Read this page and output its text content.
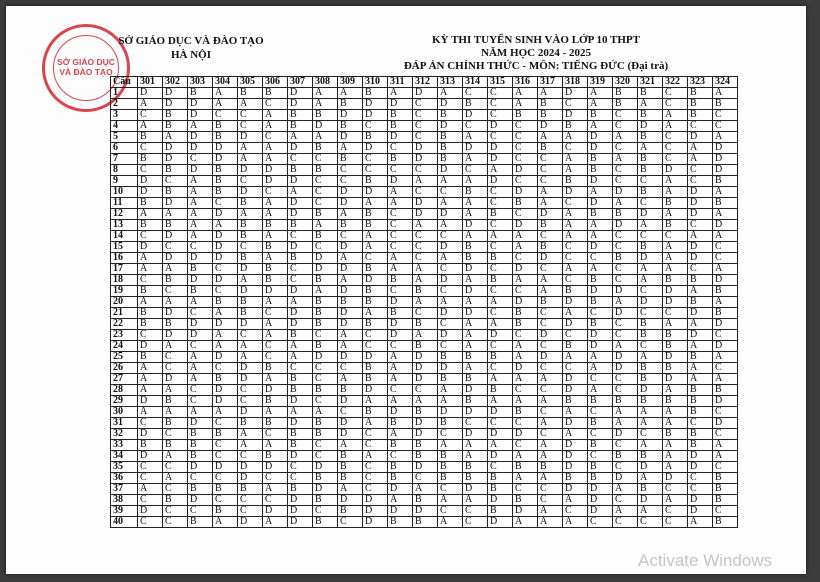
SỞ GIÁO DỤC
VÀ ĐÀO TẠO
SỞ GIÁO DỤC VÀ ĐÀO TẠO
HÀ NỘI
KỲ THI TUYỂN SINH VÀO LỚP 10 THPT
NĂM HỌC 2024 - 2025
ĐÁP ÁN CHÍNH THỨC - MÔN: TIẾNG ĐỨC (Đại trà)
Câu	301	302	303	304	305	306	307	308	309	310	311	312	313	314	315	316	317	318	319	320	321	322	323	324
1	D	D	B	A	B	B	D	A	A	B	A	D	A	C	C	A	A	D	A	B	B	C	B	A
2	A	D	D	A	A	C	D	A	B	D	D	C	D	B	C	A	B	C	A	B	A	C	B	B
3	C	B	D	C	C	A	B	B	D	D	B	C	B	D	C	B	B	D	B	C	B	A	B	C
4	A	B	A	B	C	A	B	D	B	C	B	C	D	C	D	C	D	B	A	C	D	A	C	C
5	B	A	D	B	D	C	A	A	D	B	D	C	B	A	C	C	A	A	D	A	B	C	D	A
6	C	D	D	D	A	A	D	B	A	D	C	D	B	D	D	C	B	C	D	C	A	C	A	D
7	B	D	C	D	A	A	C	C	B	C	B	D	B	A	D	C	C	A	B	A	B	C	A	D
8	C	B	D	B	D	D	B	B	C	C	C	C	D	C	A	D	C	A	B	C	B	D	C	D
9	D	C	A	B	C	D	D	C	C	B	D	A	A	A	D	C	C	B	D	C	C	A	C	B
10	D	B	A	B	D	C	A	C	D	D	A	C	C	B	C	D	A	D	A	D	B	A	D	A
11	B	D	A	C	B	A	D	C	D	A	A	D	A	A	C	B	A	C	D	A	C	B	D	B
12	A	A	A	D	A	A	D	B	A	B	C	D	D	A	B	C	D	A	B	B	D	A	D	A
13	B	B	A	A	B	B	B	A	B	B	C	A	A	D	C	D	B	A	A	D	A	B	C	D
14	C	D	A	D	B	A	C	B	C	A	C	C	C	A	A	A	C	A	A	C	C	C	A	A
15	D	C	C	D	C	B	D	C	D	A	C	C	D	B	C	A	B	C	D	C	B	A	D	C
16	A	D	D	D	B	A	B	D	A	C	A	C	A	B	B	C	D	C	C	B	D	A	D	C
17	A	A	B	C	D	B	C	D	D	B	A	A	C	D	C	D	C	A	A	C	A	A	C	A
18	C	B	D	D	A	B	C	B	A	D	B	A	D	A	B	A	A	C	B	C	A	B	B	D
19	B	C	B	C	D	D	D	A	D	B	C	B	C	D	C	C	A	B	D	D	C	D	A	B
20	A	A	A	B	B	A	A	B	B	B	D	A	A	A	A	D	B	D	B	A	D	D	B	A
21	B	D	C	A	B	C	D	B	D	A	B	C	D	D	C	B	C	A	C	D	C	C	D	B
22	B	B	D	D	D	A	D	B	D	B	D	B	C	A	A	B	C	D	B	C	B	A	A	D
23	C	D	D	A	C	A	B	C	A	C	D	A	D	A	D	C	D	C	D	C	B	B	D	C
24	D	A	C	A	A	C	A	B	A	C	C	B	C	A	C	A	C	B	D	A	C	B	A	D
25	B	C	A	D	A	C	A	D	D	D	A	D	B	B	B	A	D	A	A	D	A	D	B	A
26	A	C	A	C	D	B	C	C	C	B	A	D	D	A	C	D	C	C	A	D	B	B	A	C
27	A	D	A	B	D	A	B	C	A	B	A	D	B	B	A	A	A	D	C	C	B	D	A	A
28	A	A	C	D	C	D	B	B	B	D	C	C	A	D	B	C	C	D	A	C	D	A	B	B
29	D	B	C	D	C	B	D	C	D	A	A	A	A	B	A	A	A	B	B	B	B	B	B	D
30	A	A	A	A	D	A	A	A	C	B	D	B	D	D	D	B	C	A	C	A	A	A	B	C
31	C	B	D	C	B	B	D	B	D	A	B	D	B	C	C	C	A	D	B	A	A	A	C	D
32	D	C	B	B	A	C	B	B	D	C	A	D	C	D	D	D	C	A	C	D	C	B	B	C
33	B	B	B	C	A	A	B	C	A	C	B	B	A	A	A	C	A	D	B	C	A	A	B	A
34	D	A	B	C	C	B	D	C	B	A	C	B	B	A	D	A	A	D	C	B	B	A	D	A
35	C	C	D	D	D	D	C	D	B	C	B	D	B	B	C	B	B	D	B	C	D	A	D	C
36	C	A	C	C	D	C	C	B	B	C	B	C	B	B	B	A	A	B	B	D	A	D	C	B
37	A	C	B	B	B	A	B	D	A	C	D	A	C	D	B	C	C	D	D	A	B	C	C	B
38	C	B	D	C	C	C	D	B	D	D	A	B	A	A	D	B	C	A	D	C	D	A	D	B
39	D	C	C	B	C	D	D	C	B	D	D	D	C	C	B	D	A	C	D	A	A	C	D	C
40	C	C	B	A	D	A	D	B	C	D	B	B	A	C	D	A	A	A	C	C	C	C	A	B
Activate Windows
